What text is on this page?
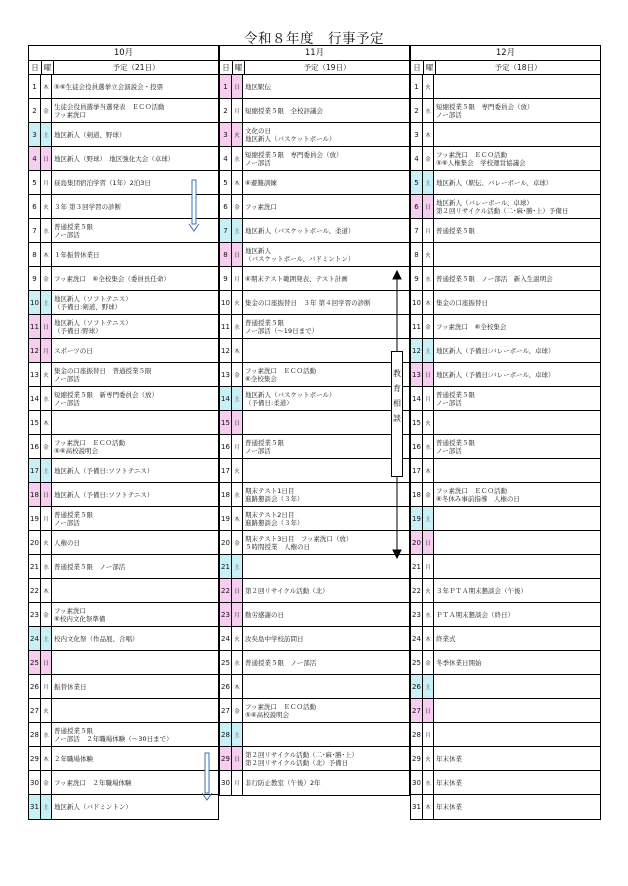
令和８年度　行事予定
10月
日 曜	予定（21日）
1	木 ⑤⑥生徒会役員選挙立会演説会・投票
2	金
生徒会役員選挙当選発表　ＥＣＯ活動
フッ素洗口
3	土 地区新人（剣道、野球）
4	日 地区新人（野球）　地区強化大会（卓球）
5	月 昼島集団宿泊学習（1年）2泊3日
6	火 ３年 第３回学習の診断
7	水
普通授業５限
ノー部活
8	木 １年振替休業日
9	金 フッ素洗口　⑥全校集会（委員長任命）
10 土
地区新人（ソフトテニス）
（予備日:剣道、野球）
11 日
地区新人（ソフトテニス）
（予備日:野球）
12 月 スポーツの日
13 火
集金の口座振替日　普通授業５限
ノー部活
14 水
短縮授業５限　新専門委員会（放）
ノー部活
15 木
16 金
フッ素洗口　ＥＣＯ活動
⑤⑥高校説明会
17 土 地区新人（予備日:ソフトテニス）
18 日 地区新人（予備日:ソフトテニス）
19 月
普通授業５限
ノー部活
20 火 人権の日
21 水 普通授業５限　ノー部活
22 木
23 金
フッ素洗口
⑥校内文化祭準備
24 土 校内文化祭（作品展、合唱）
25 日
26 月 振替休業日
27 火
28 水
普通授業５限
ノー部活　２年職場体験（～30日まで）
29 木 ２年職場体験
30 金 フッ素洗口　２年職場体験
31 土 地区新人（バドミントン）
11月
日 曜	予定（19日）
1	日 地区駅伝
2	月 短縮授業５限　全校評議会
3	火
文化の日
地区新人（バスケットボール）
4	水
短縮授業５限　専門委員会（放）
ノー部活
5	木 ⑥避難訓練
6	金 フッ素洗口
7	土 地区新人（バスケットボール、柔道）
8	日
地区新人
（バスケットボール、バドミントン）
9	月 ⑥期末テスト範囲発表、テスト計画
10 火 集金の口座振替日　３年 第４回学習の診断
11 水
普通授業５限
ノー部活（～19日まで）
12 木
13 金
フッ素洗口　ＥＣＯ活動
⑥全校集会
14 土
地区新人（バスケットボール）
（予備日:柔道）
15 日
16 月
普通授業５限
ノー部活
17 火
18 水
期末テスト1日目
進路懇談会（３年）
19 木
期末テスト2日目
進路懇談会（３年）
20 金
期末テスト3日目　フッ素洗口（放）
５時間授業　人権の日
21 土
22 日 第２回リサイクル活動（北）
23 月 勤労感謝の日
24 火 汝矣島中学校訪問日
25 水 普通授業５限　ノー部活
26 木
27 金
フッ素洗口　ＥＣＯ活動
⑤⑥高校説明会
28 土
29 日
第２回リサイクル活動（二･麻･勝･上）
第２回リサイクル活動（北）予備日
30 月 非行防止教室（午後）2年
12月
日 曜	予定（18日）
1	火
2	水
短縮授業５限　専門委員会（放）
ノー部活
3	木
4	金
フッ素洗口　ＥＣＯ活動
⑤⑥人権集会　学校運営協議会
5	土 地区新人（駅伝、バレーボール、卓球）
6	日
地区新人（バレーボール、卓球）
第２回リサイクル活動（二･麻･勝･上）予備日
7	月 普通授業５限
8	火
9	水 普通授業５限　ノー部活　新入生説明会
10 木 集金の口座振替日
11 金 フッ素洗口　⑥全校集会
12 土 地区新人（予備日:バレーボール、卓球）
13 日 地区新人（予備日:バレーボール、卓球）
14 月
普通授業５限
ノー部活
15 火
16 水
普通授業５限
ノー部活
17 木
18 金
フッ素洗口　ＥＣＯ活動
⑥冬休み事前指導　人権の日
19 土
20 日
21 月
22 火 ３年ＰＴＡ期末懇談会（午後）
23 水 ＰＴＡ期末懇談会（終日）
24 木 終業式
25 金 冬季休業日開始
26 土
27 日
28 月
29 火 年末休業
30 水 年末休業
31 木 年末休業
教
育
相
談
